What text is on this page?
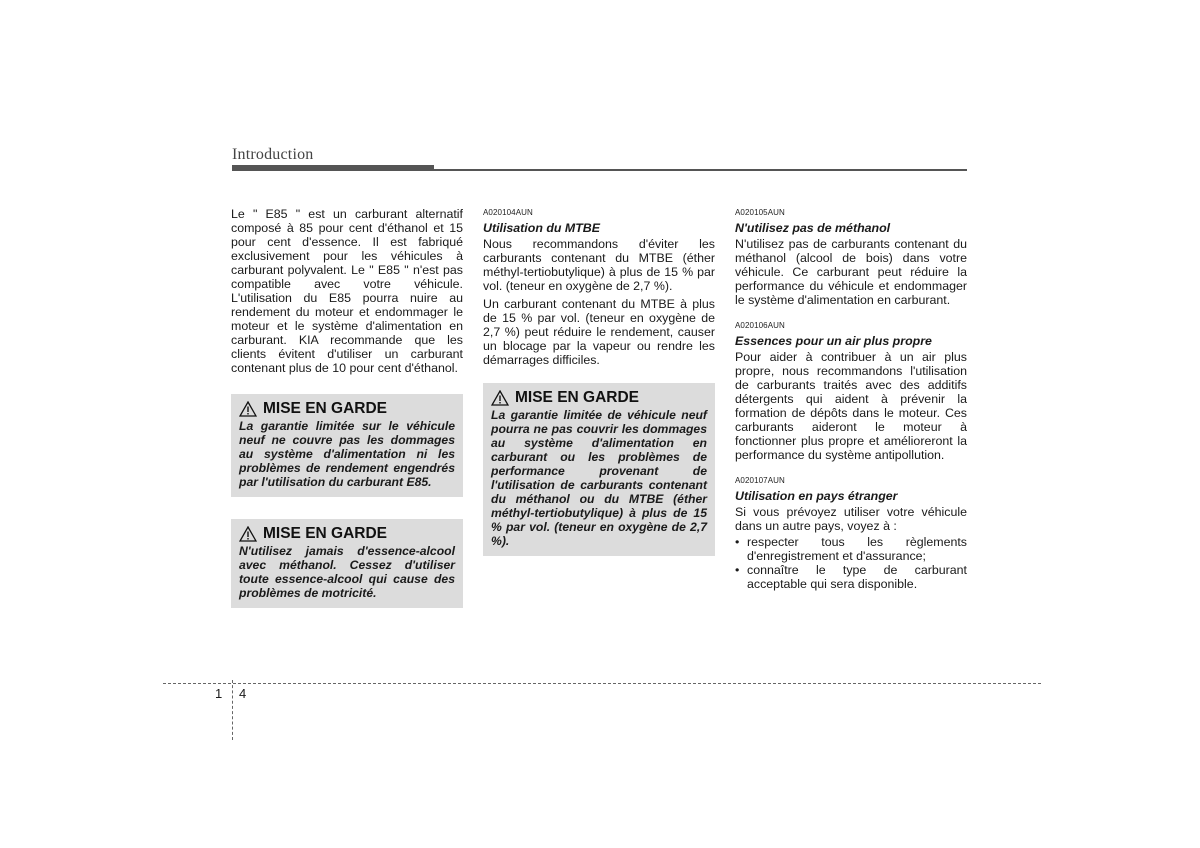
Introduction

Le " E85 " est un carburant alternatif composé à 85 pour cent d'éthanol et 15 pour cent d'essence. Il est fabriqué exclusivement pour les véhicules à carburant polyvalent. Le " E85 " n'est pas compatible avec votre véhicule. L'utilisation du E85 pourra nuire au rendement du moteur et endommager le moteur et le système d'alimentation en carburant. KIA recommande que les clients évitent d'utiliser un carburant contenant plus de 10 pour cent d'éthanol.

MISE EN GARDE

La garantie limitée sur le véhicule neuf ne couvre pas les dommages au système d'alimentation ni les problèmes de rendement engendrés par l'utilisation du carburant E85.

MISE EN GARDE

N'utilisez jamais d'essence-alcool avec méthanol. Cessez d'utiliser toute essence-alcool qui cause des problèmes de motricité.

A020104AUN

Utilisation du MTBE

Nous recommandons d'éviter les carburants contenant du MTBE (éther méthyl-tertiobutylique) à plus de 15 % par vol. (teneur en oxygène de 2,7 %).

Un carburant contenant du MTBE à plus de 15 % par vol. (teneur en oxygène de 2,7 %) peut réduire le rendement, causer un blocage par la vapeur ou rendre les démarrages difficiles.

MISE EN GARDE

La garantie limitée de véhicule neuf pourra ne pas couvrir les dommages au système d'alimentation en carburant ou les problèmes de performance provenant de l'utilisation de carburants contenant du méthanol ou du MTBE (éther méthyl-tertiobutylique) à plus de 15 % par vol. (teneur en oxygène de 2,7 %).

A020105AUN

N'utilisez pas de méthanol

N'utilisez pas de carburants contenant du méthanol (alcool de bois) dans votre véhicule. Ce carburant peut réduire la performance du véhicule et endommager le système d'alimentation en carburant.

A020106AUN

Essences pour un air plus propre

Pour aider à contribuer à un air plus propre, nous recommandons l'utilisation de carburants traités avec des additifs détergents qui aident à prévenir la formation de dépôts dans le moteur. Ces carburants aideront le moteur à fonctionner plus propre et amélioreront la performance du système antipollution.

A020107AUN

Utilisation en pays étranger

Si vous prévoyez utiliser votre véhicule dans un autre pays, voyez à :

• respecter tous les règlements d'enregistrement et d'assurance;
• connaître le type de carburant acceptable qui sera disponible.
1 4
